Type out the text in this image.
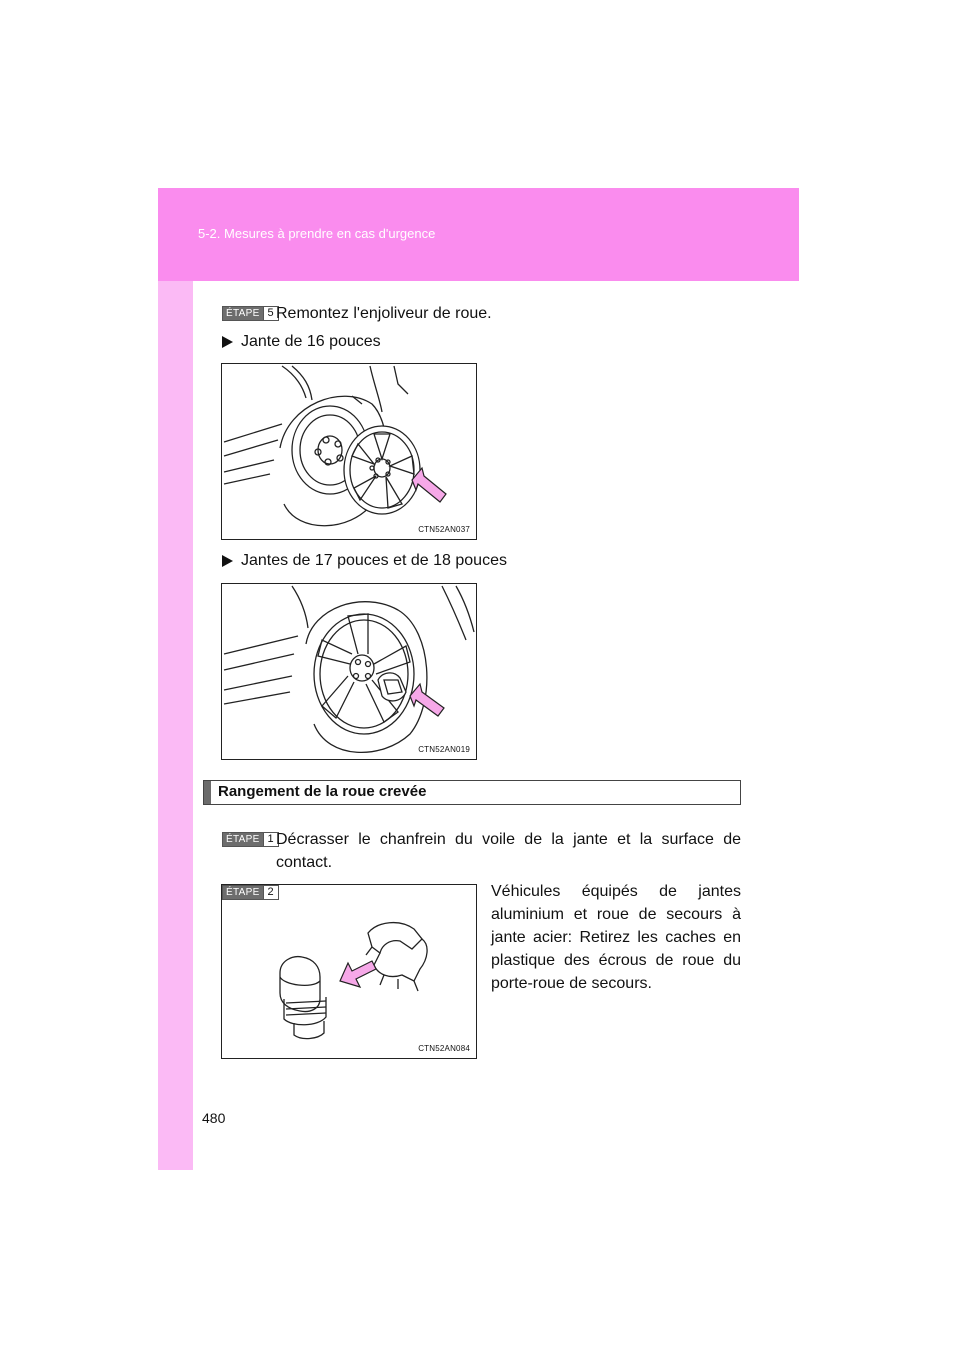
5-2. Mesures à prendre en cas d'urgence
ÉTAPE 5 Remontez l'enjoliveur de roue.
Jante de 16 pouces
CTN52AN037
Jantes de 17 pouces et de 18 pouces
CTN52AN019
Rangement de la roue crevée
ÉTAPE 1 Décrasser le chanfrein du voile de la jante et la surface de contact.
ÉTAPE 2
CTN52AN084
Véhicules équipés de jantes aluminium et roue de secours à jante acier: Retirez les caches en plastique des écrous de roue du porte-roue de secours.
480
